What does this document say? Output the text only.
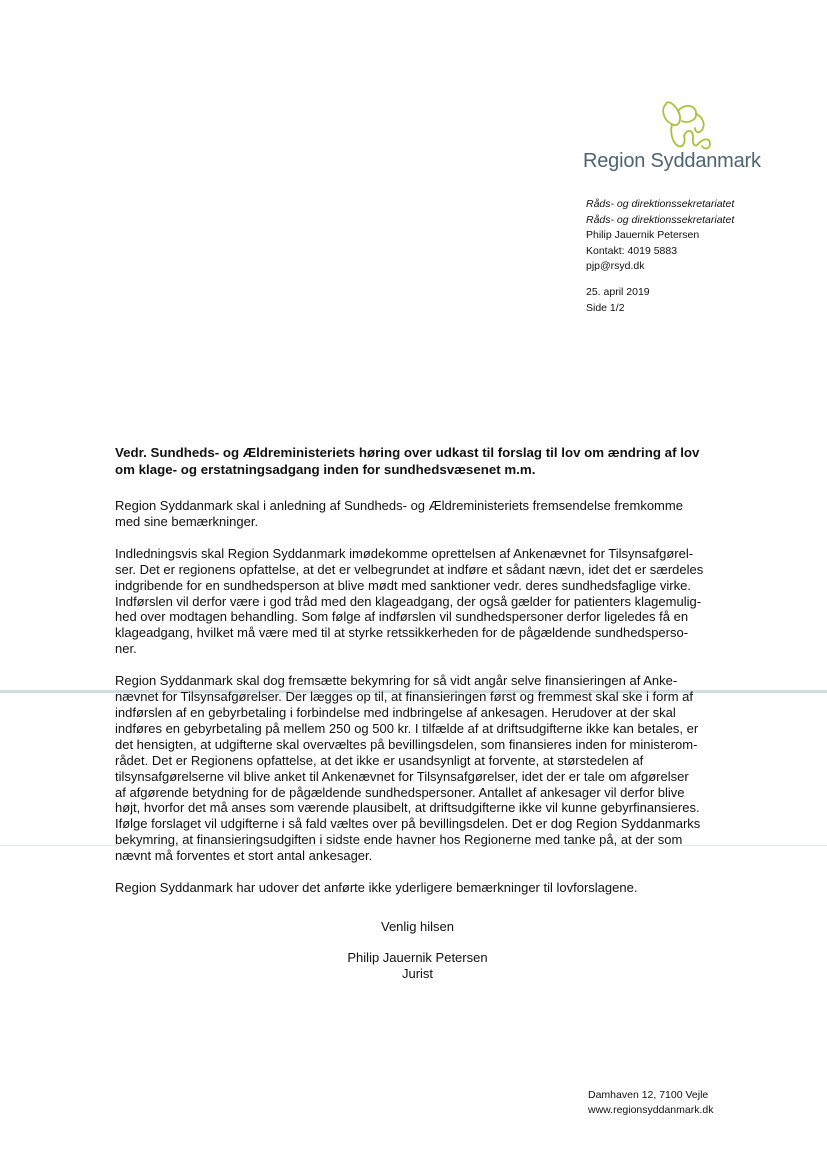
Region Syddanmark
Råds- og direktionssekretariatet
Råds- og direktionssekretariatet
Philip Jauernik Petersen
Kontakt: 4019 5883
pjp@rsyd.dk
25. april 2019
Side 1/2
Vedr. Sundheds- og Ældreministeriets høring over udkast til forslag til lov om ændring af lov
om klage- og erstatningsadgang inden for sundhedsvæsenet m.m.

Region Syddanmark skal i anledning af Sundheds- og Ældreministeriets fremsendelse fremkomme
med sine bemærkninger.

Indledningsvis skal Region Syddanmark imødekomme oprettelsen af Ankenævnet for Tilsynsafgørel-
ser. Det er regionens opfattelse, at det er velbegrundet at indføre et sådant nævn, idet det er særdeles
indgribende for en sundhedsperson at blive mødt med sanktioner vedr. deres sundhedsfaglige virke.
Indførslen vil derfor være i god tråd med den klageadgang, der også gælder for patienters klagemulig-
hed over modtagen behandling. Som følge af indførslen vil sundhedspersoner derfor ligeledes få en
klageadgang, hvilket må være med til at styrke retssikkerheden for de pågældende sundhedsperso-
ner.

Region Syddanmark skal dog fremsætte bekymring for så vidt angår selve finansieringen af Anke-
nævnet for Tilsynsafgørelser. Der lægges op til, at finansieringen først og fremmest skal ske i form af
indførslen af en gebyrbetaling i forbindelse med indbringelse af ankesagen. Herudover at der skal
indføres en gebyrbetaling på mellem 250 og 500 kr. I tilfælde af at driftsudgifterne ikke kan betales, er
det hensigten, at udgifterne skal overvæltes på bevillingsdelen, som finansieres inden for ministerom-
rådet. Det er Regionens opfattelse, at det ikke er usandsynligt at forvente, at størstedelen af
tilsynsafgørelserne vil blive anket til Ankenævnet for Tilsynsafgørelser, idet der er tale om afgørelser
af afgørende betydning for de pågældende sundhedspersoner. Antallet af ankesager vil derfor blive
højt, hvorfor det må anses som værende plausibelt, at driftsudgifterne ikke vil kunne gebyrfinansieres.
Ifølge forslaget vil udgifterne i så fald væltes over på bevillingsdelen. Det er dog Region Syddanmarks
bekymring, at finansieringsudgiften i sidste ende havner hos Regionerne med tanke på, at der som
nævnt må forventes et stort antal ankesager.

Region Syddanmark har udover det anførte ikke yderligere bemærkninger til lovforslagene.

Venlig hilsen
Philip Jauernik Petersen
Jurist
Damhaven 12, 7100 Vejle
www.regionsyddanmark.dk
